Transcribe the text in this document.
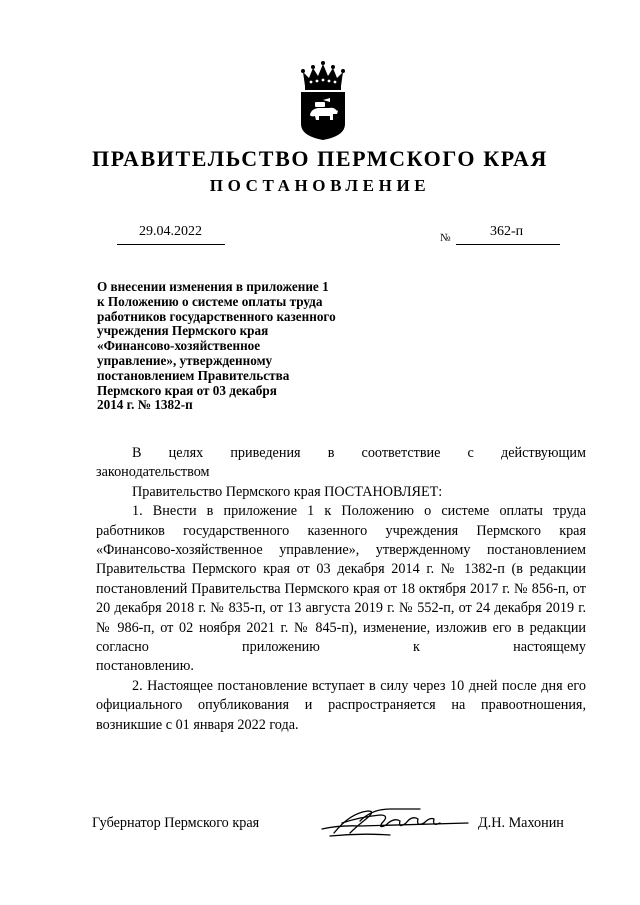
ПРАВИТЕЛЬСТВО ПЕРМСКОГО КРАЯ
ПОСТАНОВЛЕНИЕ
29.04.2022	№	362-п
О внесении изменения в приложение 1
к Положению о системе оплаты труда
работников государственного казенного
учреждения Пермского края
«Финансово-хозяйственное
управление», утвержденному
постановлением Правительства
Пермского края от 03 декабря
2014 г. № 1382-п

В целях приведения в соответствие с действующим

законодательством

Правительство Пермского края ПОСТАНОВЛЯЕТ:

1. Внести в приложение 1 к Положению о системе оплаты труда работников государственного казенного учреждения Пермского края «Финансово-хозяйственное управление», утвержденному постановлением Правительства Пермского края от 03 декабря 2014 г. № 1382-п (в редакции постановлений Правительства Пермского края от 18 октября 2017 г. № 856-п, от 20 декабря 2018 г. № 835-п, от 13 августа 2019 г. № 552-п, от 24 декабря 2019 г. № 986-п, от 02 ноября 2021 г. № 845-п), изменение, изложив его в редакции согласно приложению к настоящему

постановлению.

2. Настоящее постановление вступает в силу через 10 дней после дня его официального опубликования и распространяется на правоотношения, возникшие с 01 января 2022 года.

Губернатор Пермского края	Д.Н. Махонин
